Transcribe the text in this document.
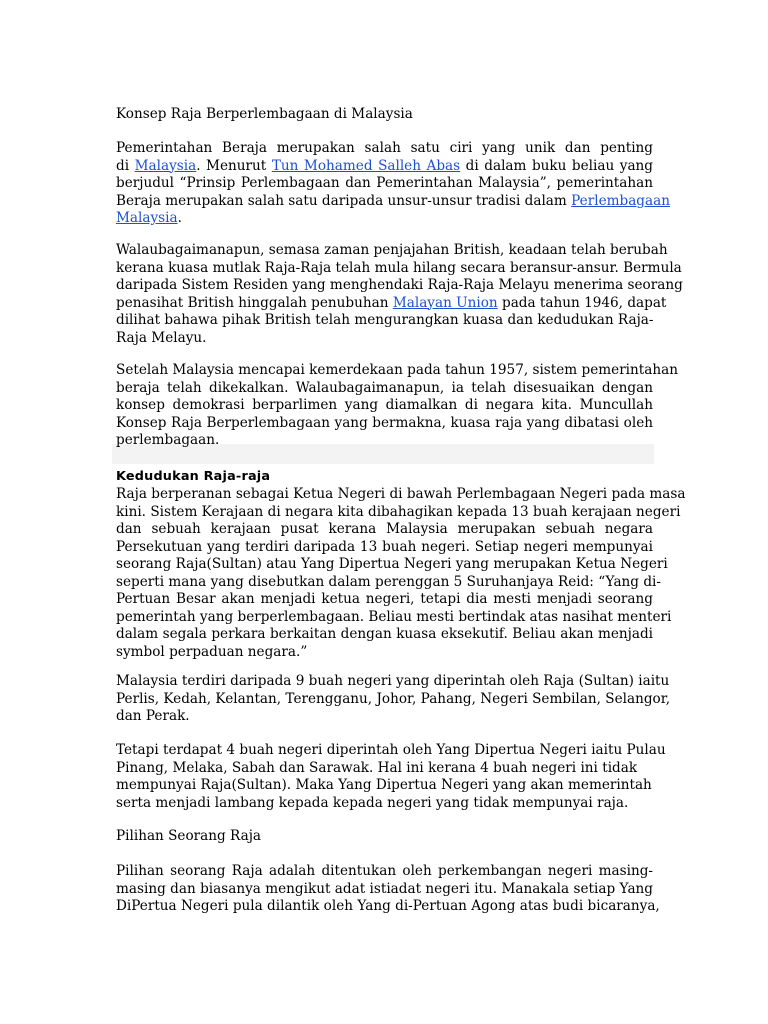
Konsep Raja Berperlembagaan di Malaysia
Pemerintahan Beraja merupakan salah satu ciri yang unik dan penting
di Malaysia. Menurut Tun Mohamed Salleh Abas di dalam buku beliau yang
berjudul “Prinsip Perlembagaan dan Pemerintahan Malaysia”, pemerintahan
Beraja merupakan salah satu daripada unsur-unsur tradisi dalam Perlembagaan
Malaysia.
Walaubagaimanapun, semasa zaman penjajahan British, keadaan telah berubah
kerana kuasa mutlak Raja-Raja telah mula hilang secara beransur-ansur. Bermula
daripada Sistem Residen yang menghendaki Raja-Raja Melayu menerima seorang
penasihat British hinggalah penubuhan Malayan Union pada tahun 1946, dapat
dilihat bahawa pihak British telah mengurangkan kuasa dan kedudukan Raja-
Raja Melayu.
Setelah Malaysia mencapai kemerdekaan pada tahun 1957, sistem pemerintahan
beraja telah dikekalkan. Walaubagaimanapun, ia telah disesuaikan dengan
konsep demokrasi berparlimen yang diamalkan di negara kita. Muncullah
Konsep Raja Berperlembagaan yang bermakna, kuasa raja yang dibatasi oleh
perlembagaan.
Kedudukan Raja-raja
Raja berperanan sebagai Ketua Negeri di bawah Perlembagaan Negeri pada masa
kini. Sistem Kerajaan di negara kita dibahagikan kepada 13 buah kerajaan negeri
dan sebuah kerajaan pusat kerana Malaysia merupakan sebuah negara
Persekutuan yang terdiri daripada 13 buah negeri. Setiap negeri mempunyai
seorang Raja(Sultan) atau Yang Dipertua Negeri yang merupakan Ketua Negeri
seperti mana yang disebutkan dalam perenggan 5 Suruhanjaya Reid: “Yang di-
Pertuan Besar akan menjadi ketua negeri, tetapi dia mesti menjadi seorang
pemerintah yang berperlembagaan. Beliau mesti bertindak atas nasihat menteri
dalam segala perkara berkaitan dengan kuasa eksekutif. Beliau akan menjadi
symbol perpaduan negara.”
Malaysia terdiri daripada 9 buah negeri yang diperintah oleh Raja (Sultan) iaitu
Perlis, Kedah, Kelantan, Terengganu, Johor, Pahang, Negeri Sembilan, Selangor,
dan Perak.
Tetapi terdapat 4 buah negeri diperintah oleh Yang Dipertua Negeri iaitu Pulau
Pinang, Melaka, Sabah dan Sarawak. Hal ini kerana 4 buah negeri ini tidak
mempunyai Raja(Sultan). Maka Yang Dipertua Negeri yang akan memerintah
serta menjadi lambang kepada kepada negeri yang tidak mempunyai raja.
Pilihan Seorang Raja
Pilihan seorang Raja adalah ditentukan oleh perkembangan negeri masing-
masing dan biasanya mengikut adat istiadat negeri itu. Manakala setiap Yang
DiPertua Negeri pula dilantik oleh Yang di-Pertuan Agong atas budi bicaranya,
